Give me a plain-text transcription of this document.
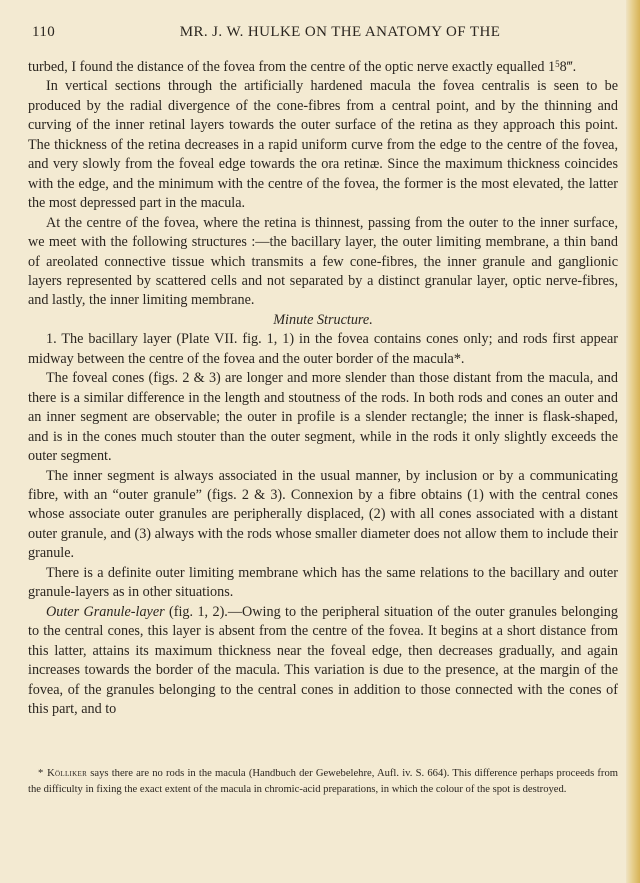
110	MR. J. W. HULKE ON THE ANATOMY OF THE

turbed, I found the distance of the fovea from the centre of the optic nerve exactly equalled $1^58‴$.

In vertical sections through the artificially hardened macula the fovea centralis is seen to be produced by the radial divergence of the cone-fibres from a central point, and by the thinning and curving of the inner retinal layers towards the outer surface of the retina as they approach this point. The thickness of the retina decreases in a rapid uniform curve from the edge to the centre of the fovea, and very slowly from the foveal edge towards the ora retinæ. Since the maximum thickness coincides with the edge, and the minimum with the centre of the fovea, the former is the most elevated, the latter the most depressed part in the macula.

At the centre of the fovea, where the retina is thinnest, passing from the outer to the inner surface, we meet with the following structures :—the bacillary layer, the outer limiting membrane, a thin band of areolated connective tissue which transmits a few cone-fibres, the inner granule and ganglionic layers represented by scattered cells and not separated by a distinct granular layer, optic nerve-fibres, and lastly, the inner limiting membrane.

Minute Structure.

1. The bacillary layer (Plate VII. fig. 1, 1) in the fovea contains cones only; and rods first appear midway between the centre of the fovea and the outer border of the macula*.

The foveal cones (figs. 2 & 3) are longer and more slender than those distant from the macula, and there is a similar difference in the length and stoutness of the rods. In both rods and cones an outer and an inner segment are observable; the outer in profile is a slender rectangle; the inner is flask-shaped, and is in the cones much stouter than the outer segment, while in the rods it only slightly exceeds the outer segment.

The inner segment is always associated in the usual manner, by inclusion or by a communicating fibre, with an “outer granule” (figs. 2 & 3). Connexion by a fibre obtains (1) with the central cones whose associate outer granules are peripherally displaced, (2) with all cones associated with a distant outer granule, and (3) always with the rods whose smaller diameter does not allow them to include their granule.

There is a definite outer limiting membrane which has the same relations to the bacillary and outer granule-layers as in other situations.

Outer Granule-layer (fig. 1, 2).—Owing to the peripheral situation of the outer granules belonging to the central cones, this layer is absent from the centre of the fovea. It begins at a short distance from this latter, attains its maximum thickness near the foveal edge, then decreases gradually, and again increases towards the border of the macula. This variation is due to the presence, at the margin of the fovea, of the granules belonging to the central cones in addition to those connected with the cones of this part, and to

* Kölliker says there are no rods in the macula (Handbuch der Gewebelehre, Aufl. iv. S. 664). This difference perhaps proceeds from the difficulty in fixing the exact extent of the macula in chromic-acid preparations, in which the colour of the spot is destroyed.
